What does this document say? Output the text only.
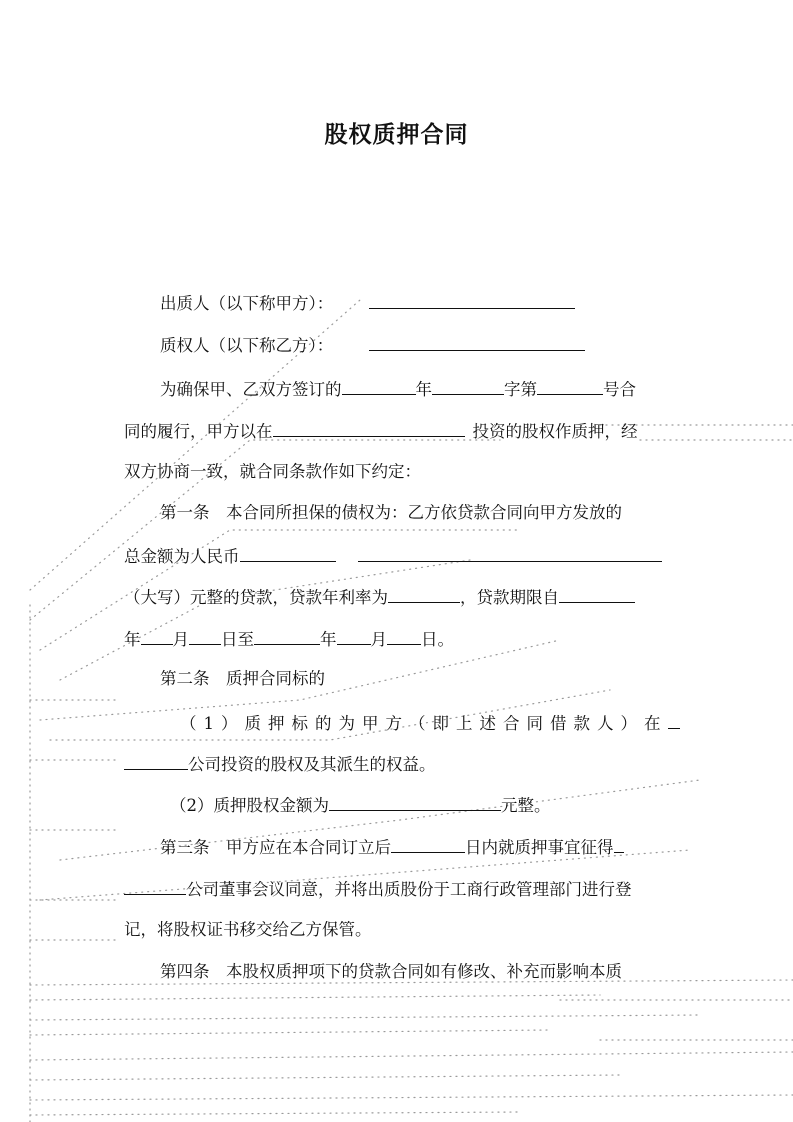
股权质押合同
出质人（以下称甲方）：
质权人（以下称乙方）：
为确保甲、乙双方签订的	年	字第	号合
同的履行，甲方以在	投资的股权作质押，经
双方协商一致，就合同条款作如下约定：
第一条　本合同所担保的债权为：乙方依贷款合同向甲方发放的
总金额为人民币
（大写）元整的贷款，贷款年利率为	，贷款期限自
年 月 日至	年 月 日。
第二条　质押合同标的
（1）质押标的为甲方（即上述合同借款人）在
公司投资的股权及其派生的权益。
（2）质押股权金额为	元整。
第三条　甲方应在本合同订立后	日内就质押事宜征得
公司董事会议同意，并将出质股份于工商行政管理部门进行登
记，将股权证书移交给乙方保管。
第四条　本股权质押项下的贷款合同如有修改、补充而影响本质
